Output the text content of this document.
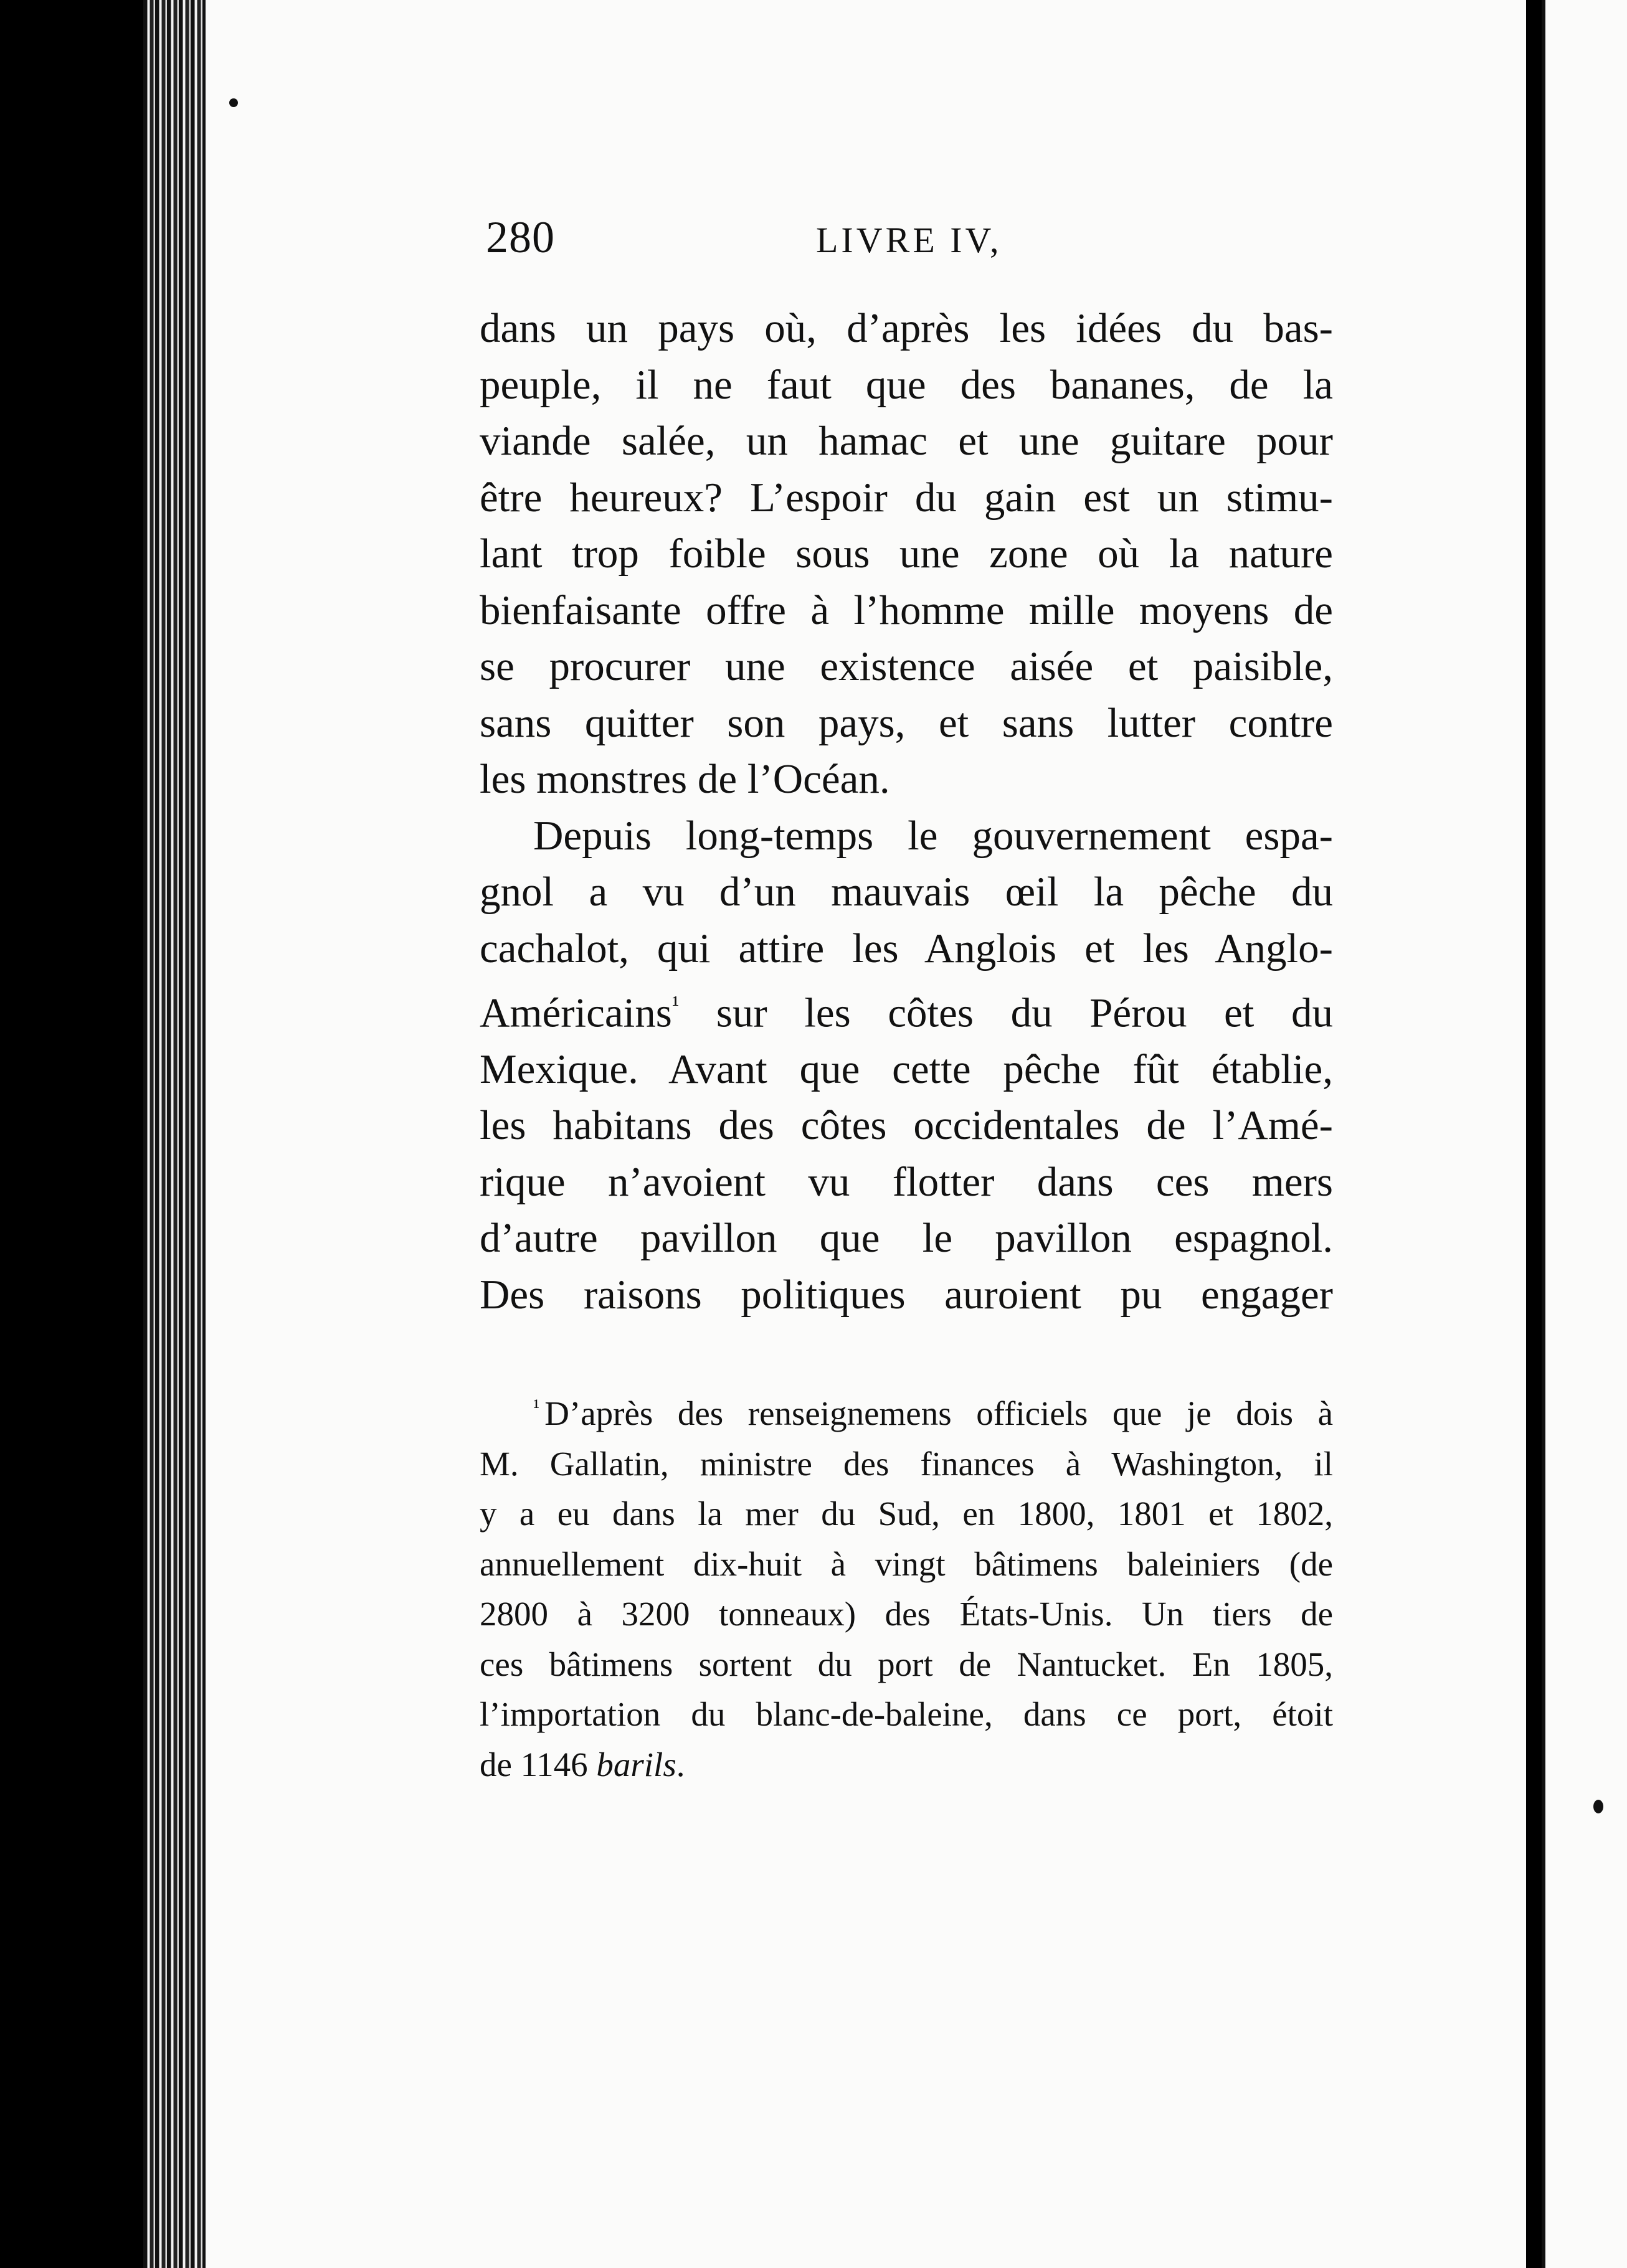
280	LIVRE IV,
dans un pays où, d’après les idées du bas-
peuple, il ne faut que des bananes, de la
viande salée, un hamac et une guitare pour
être heureux? L’espoir du gain est un stimu-
lant trop foible sous une zone où la nature
bienfaisante offre à l’homme mille moyens de
se procurer une existence aisée et paisible,
sans quitter son pays, et sans lutter contre
les monstres de l’Océan.
Depuis long-temps le gouvernement espa-
gnol a vu d’un mauvais œil la pêche du
cachalot, qui attire les Anglois et les Anglo-
Américains$^{^1}$ sur les côtes du Pérou et du
Mexique. Avant que cette pêche fût établie,
les habitans des côtes occidentales de l’Amé-
rique n’avoient vu flotter dans ces mers
d’autre pavillon que le pavillon espagnol.
Des raisons politiques auroient pu engager
$^{^1}$ D’après des renseignemens officiels que je dois à
M. Gallatin, ministre des finances à Washington, il
y a eu dans la mer du Sud, en 1800, 1801 et 1802,
annuellement dix-huit à vingt bâtimens baleiniers (de
2800 à 3200 tonneaux) des États-Unis. Un tiers de
ces bâtimens sortent du port de Nantucket. En 1805,
l’importation du blanc-de-baleine, dans ce port, étoit
de 1146 barils.
